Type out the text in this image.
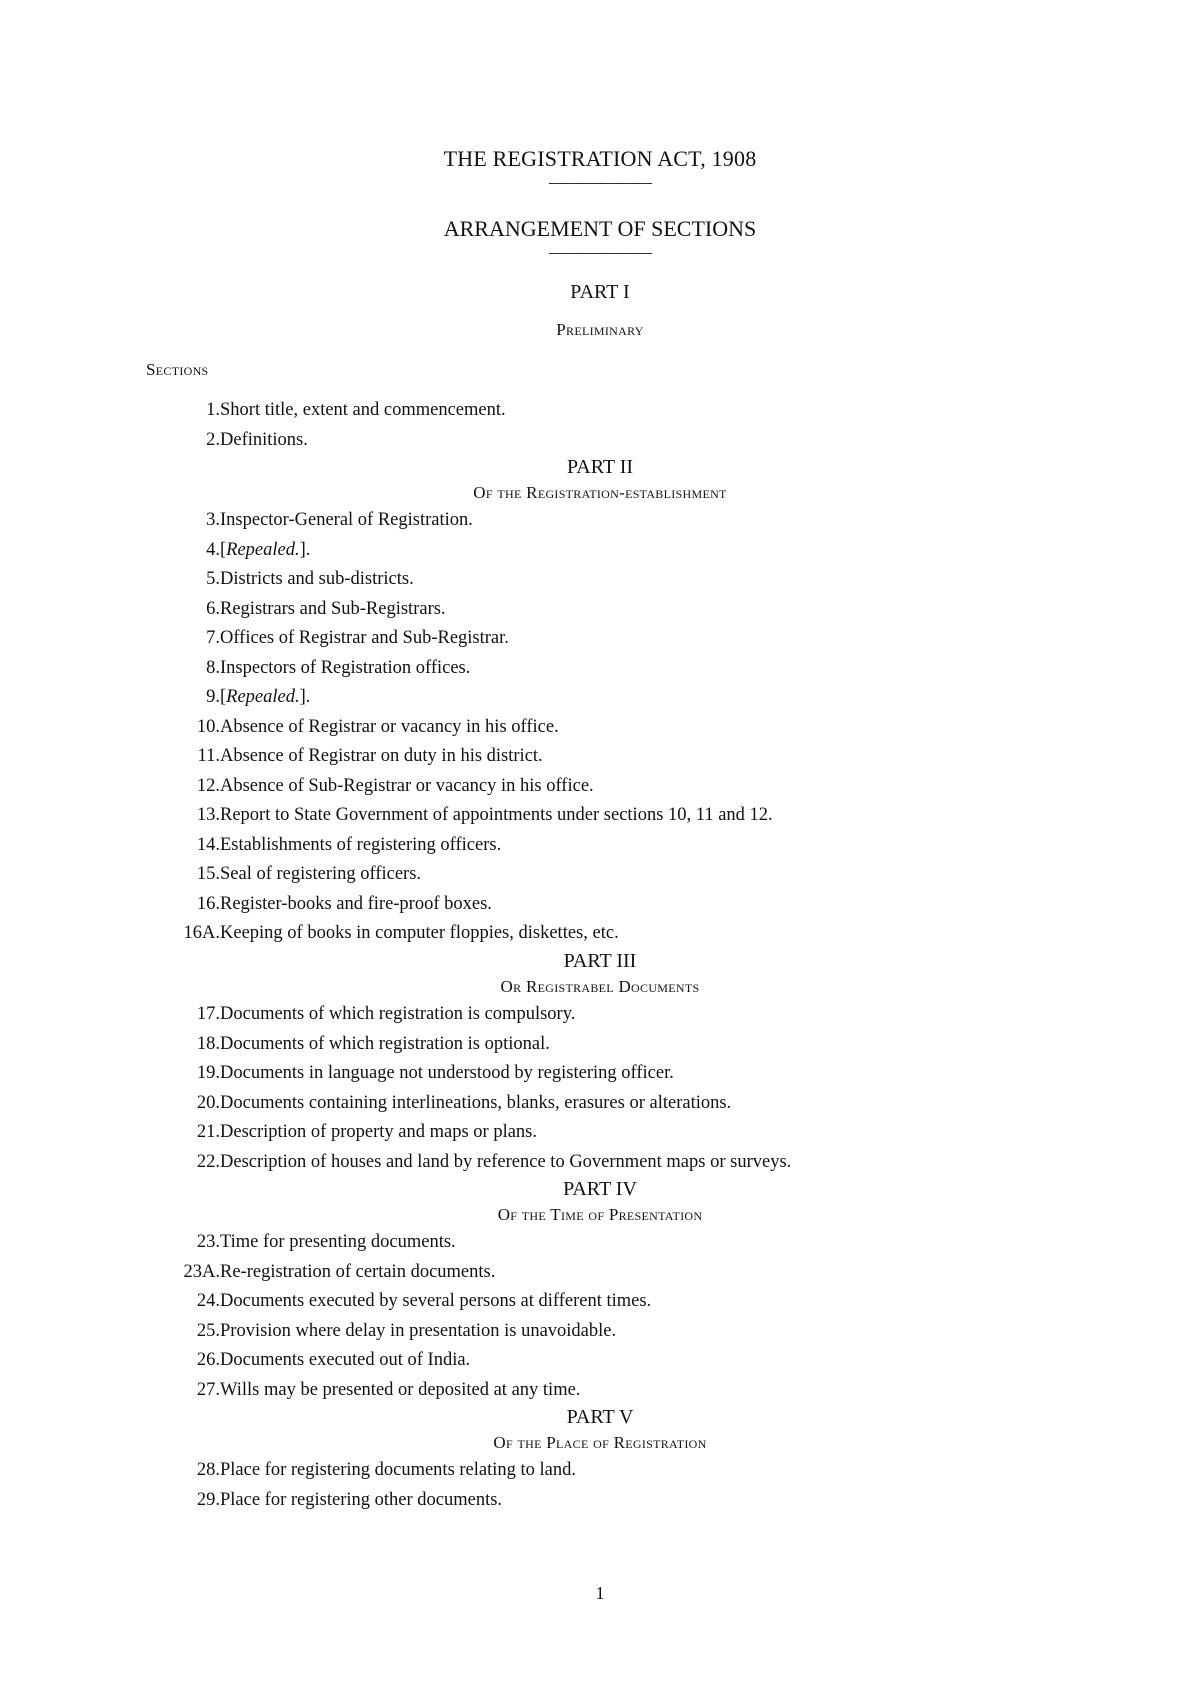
THE REGISTRATION ACT, 1908
——————
ARRANGEMENT OF SECTIONS
——————
PART I
Preliminary
Sections
1. Short title, extent and commencement.
2. Definitions.
PART II
Of the Registration-establishment
3. Inspector-General of Registration.
4. [Repealed.].
5. Districts and sub-districts.
6. Registrars and Sub-Registrars.
7. Offices of Registrar and Sub-Registrar.
8. Inspectors of Registration offices.
9. [Repealed.].
10. Absence of Registrar or vacancy in his office.
11. Absence of Registrar on duty in his district.
12. Absence of Sub-Registrar or vacancy in his office.
13. Report to State Government of appointments under sections 10, 11 and 12.
14. Establishments of registering officers.
15. Seal of registering officers.
16. Register-books and fire-proof boxes.
16A. Keeping of books in computer floppies, diskettes, etc.
PART III
Or Registrabel Documents
17. Documents of which registration is compulsory.
18. Documents of which registration is optional.
19. Documents in language not understood by registering officer.
20. Documents containing interlineations, blanks, erasures or alterations.
21. Description of property and maps or plans.
22. Description of houses and land by reference to Government maps or surveys.
PART IV
Of the Time of Presentation
23. Time for presenting documents.
23A. Re-registration of certain documents.
24. Documents executed by several persons at different times.
25. Provision where delay in presentation is unavoidable.
26. Documents executed out of India.
27. Wills may be presented or deposited at any time.
PART V
Of the Place of Registration
28. Place for registering documents relating to land.
29. Place for registering other documents.
1
